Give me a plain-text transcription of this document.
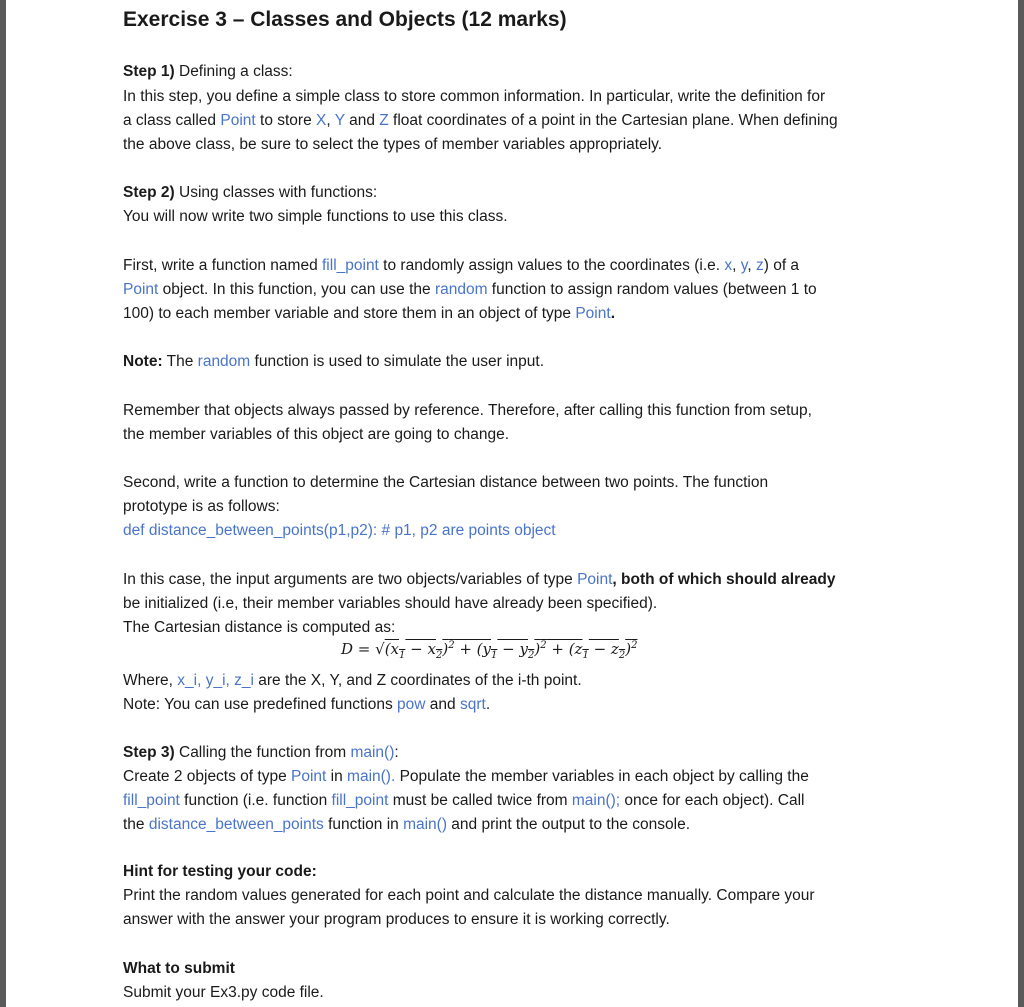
Exercise 3 – Classes and Objects (12 marks)
Step 1) Defining a class:
In this step, you define a simple class to store common information. In particular, write the definition for
a class called Point to store X, Y and Z float coordinates of a point in the Cartesian plane. When defining
the above class, be sure to select the types of member variables appropriately.
Step 2) Using classes with functions:
You will now write two simple functions to use this class.
First, write a function named fill_point to randomly assign values to the coordinates (i.e. x, y, z) of a
Point object. In this function, you can use the random function to assign random values (between 1 to
100) to each member variable and store them in an object of type Point.
Note: The random function is used to simulate the user input.
Remember that objects always passed by reference. Therefore, after calling this function from setup,
the member variables of this object are going to change.
Second, write a function to determine the Cartesian distance between two points. The function
prototype is as follows:
def distance_between_points(p1,p2): # p1, p2 are points object
In this case, the input arguments are two objects/variables of type Point, both of which should already
be initialized (i.e, their member variables should have already been specified).
The Cartesian distance is computed as:
$D = √(x_1 - x_2)^2 + (y_1 - y_2)^2 + (z_1 - z_2)^2$
Where, x_i, y_i, z_i are the X, Y, and Z coordinates of the i-th point.
Note: You can use predefined functions pow and sqrt.
Step 3) Calling the function from main():
Create 2 objects of type Point in main(). Populate the member variables in each object by calling the
fill_point function (i.e. function fill_point must be called twice from main(); once for each object). Call
the distance_between_points function in main() and print the output to the console.
Hint for testing your code:
Print the random values generated for each point and calculate the distance manually. Compare your
answer with the answer your program produces to ensure it is working correctly.
What to submit
Submit your Ex3.py code file.
